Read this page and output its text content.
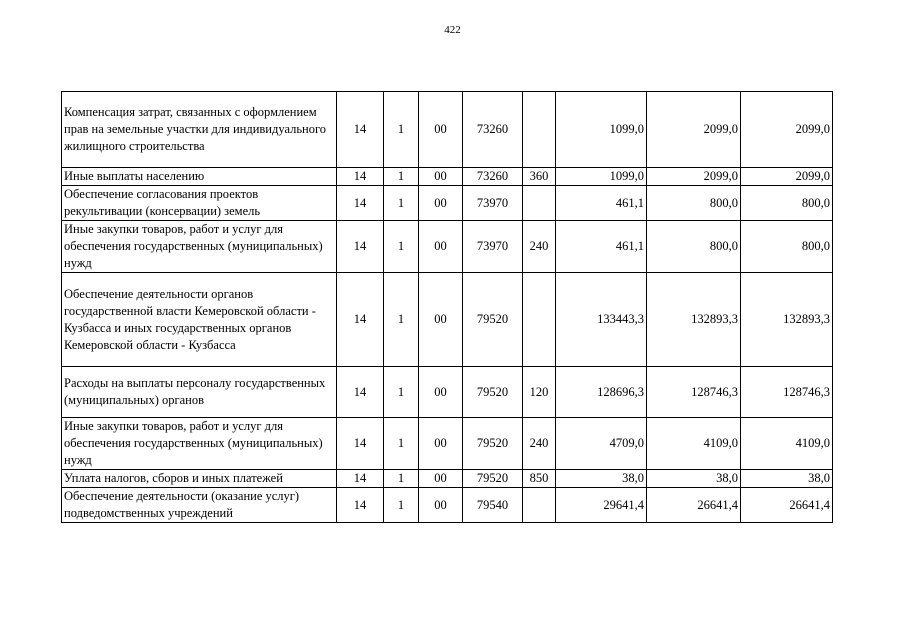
422
Компенсация затрат, связанных с оформлением прав на земельные участки для индивидуального жилищного строительства	14	1	00	73260		1099,0	2099,0	2099,0
Иные выплаты населению	14	1	00	73260	360	1099,0	2099,0	2099,0
Обеспечение согласования проектов рекультивации (консервации) земель	14	1	00	73970		461,1	800,0	800,0
Иные закупки товаров, работ и услуг для обеспечения государственных (муниципальных) нужд	14	1	00	73970	240	461,1	800,0	800,0
Обеспечение деятельности органов государственной власти Кемеровской области - Кузбасса и иных государственных органов Кемеровской области - Кузбасса	14	1	00	79520		133443,3	132893,3	132893,3
Расходы на выплаты персоналу государственных (муниципальных) органов	14	1	00	79520	120	128696,3	128746,3	128746,3
Иные закупки товаров, работ и услуг для обеспечения государственных (муниципальных) нужд	14	1	00	79520	240	4709,0	4109,0	4109,0
Уплата налогов, сборов и иных платежей	14	1	00	79520	850	38,0	38,0	38,0
Обеспечение деятельности (оказание услуг) подведомственных учреждений	14	1	00	79540		29641,4	26641,4	26641,4
